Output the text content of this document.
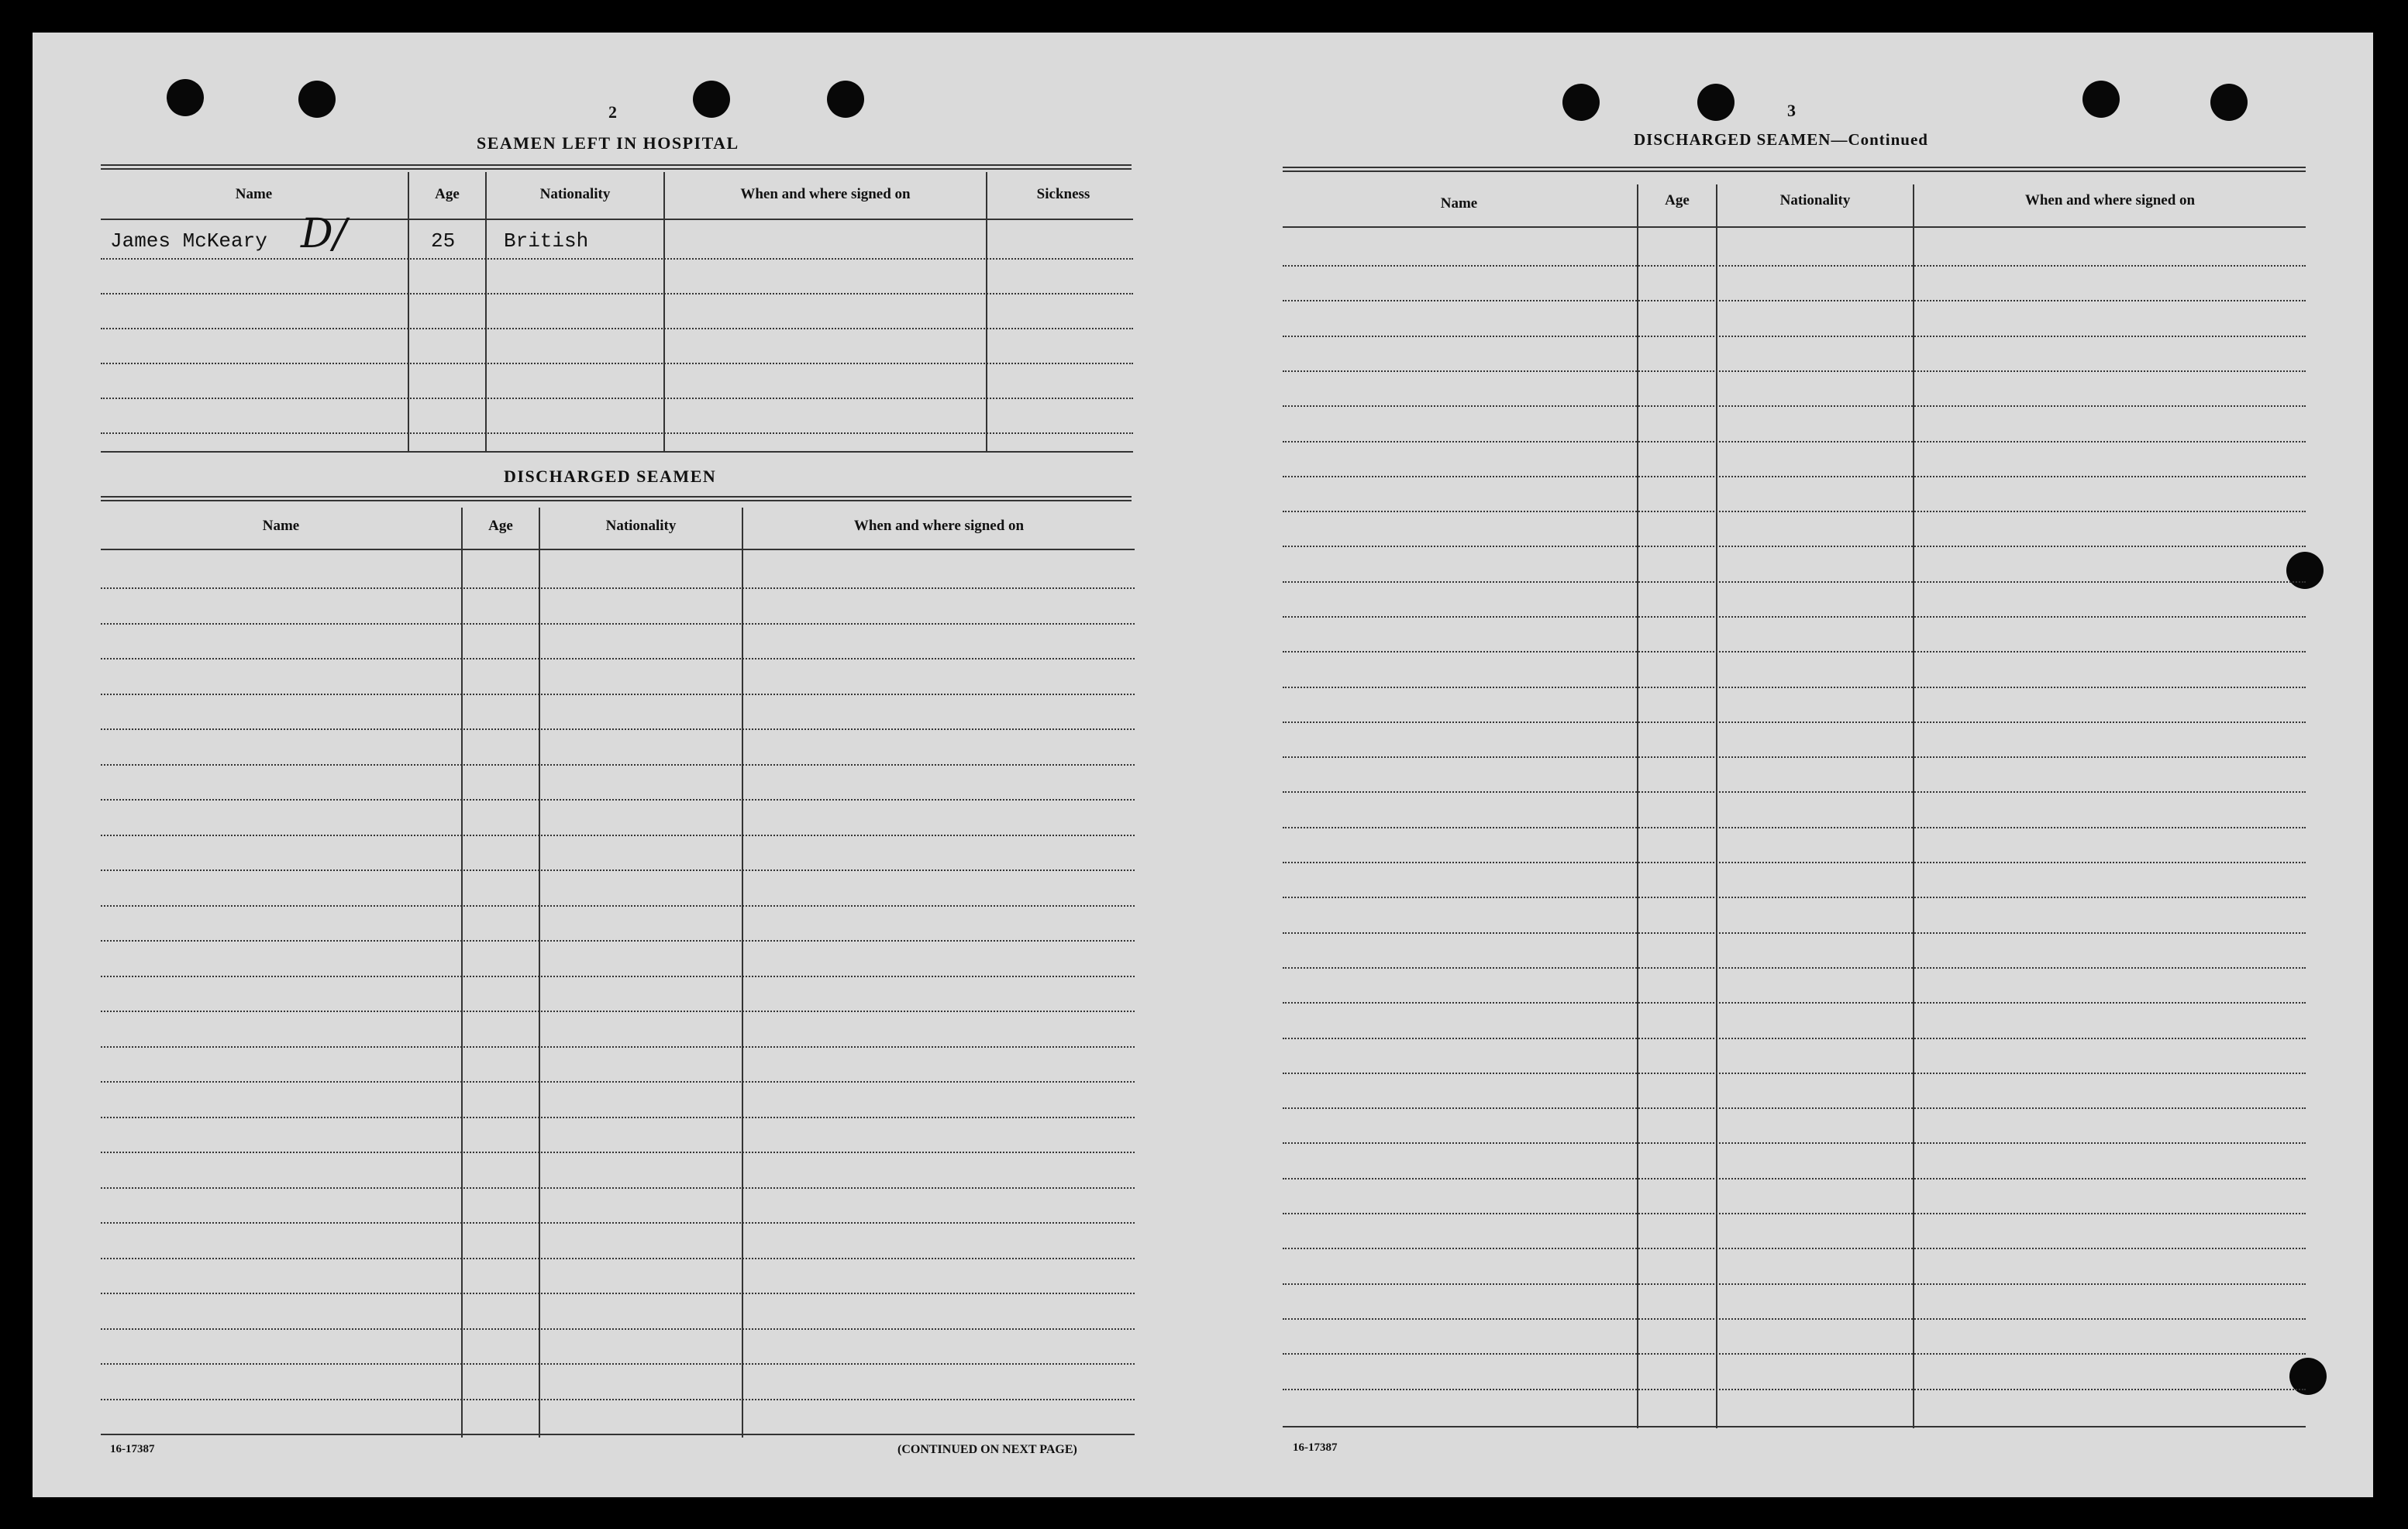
2
SEAMEN LEFT IN HOSPITAL
Name	Age	Nationality	When and where signed on	Sickness
James McKeary D/	25 British
DISCHARGED SEAMEN
Name	Age	Nationality	When and where signed on
16-17387	(CONTINUED ON NEXT PAGE)
3
DISCHARGED SEAMEN—Continued
Name	Age	Nationality	When and where signed on
16-17387
